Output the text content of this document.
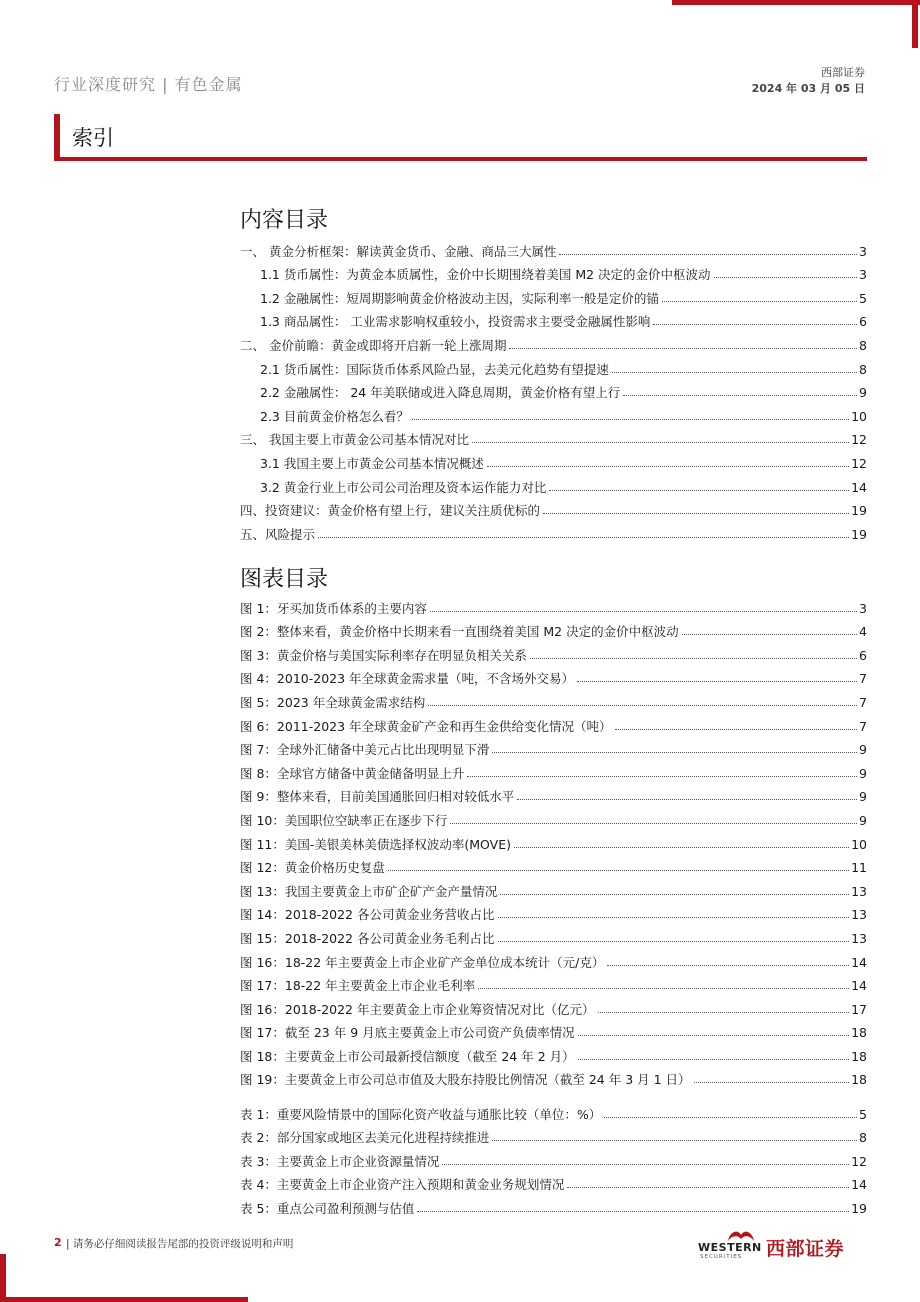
行业深度研究 | 有色金属
西部证券
2024 年 03 月 05 日
索引
内容目录
一、 黄金分析框架：解读黄金货币、金融、商品三大属性	3
1.1 货币属性：为黄金本质属性，金价中长期围绕着美国 M2 决定的金价中枢波动	3
1.2 金融属性：短周期影响黄金价格波动主因，实际利率一般是定价的锚	5
1.3 商品属性： 工业需求影响权重较小，投资需求主要受金融属性影响	6
二、 金价前瞻：黄金或即将开启新一轮上涨周期	8
2.1 货币属性：国际货币体系风险凸显，去美元化趋势有望提速	8
2.2 金融属性： 24 年美联储或进入降息周期，黄金价格有望上行	9
2.3 目前黄金价格怎么看？	10
三、 我国主要上市黄金公司基本情况对比	12
3.1 我国主要上市黄金公司基本情况概述	12
3.2 黄金行业上市公司公司治理及资本运作能力对比	14
四、投资建议：黄金价格有望上行，建议关注质优标的	19
五、风险提示	19
图表目录
图 1：牙买加货币体系的主要内容	3
图 2：整体来看，黄金价格中长期来看一直围绕着美国 M2 决定的金价中枢波动	4
图 3：黄金价格与美国实际利率存在明显负相关关系	6
图 4：2010-2023 年全球黄金需求量（吨，不含场外交易）	7
图 5：2023 年全球黄金需求结构	7
图 6：2011-2023 年全球黄金矿产金和再生金供给变化情况（吨）	7
图 7：全球外汇储备中美元占比出现明显下滑	9
图 8：全球官方储备中黄金储备明显上升	9
图 9：整体来看，目前美国通胀回归相对较低水平	9
图 10：美国职位空缺率正在逐步下行	9
图 11：美国-美银美林美债选择权波动率(MOVE)	10
图 12：黄金价格历史复盘	11
图 13：我国主要黄金上市矿企矿产金产量情况	13
图 14：2018-2022 各公司黄金业务营收占比	13
图 15：2018-2022 各公司黄金业务毛利占比	13
图 16：18-22 年主要黄金上市企业矿产金单位成本统计（元/克）	14
图 17：18-22 年主要黄金上市企业毛利率	14
图 16：2018-2022 年主要黄金上市企业筹资情况对比（亿元）	17
图 17：截至 23 年 9 月底主要黄金上市公司资产负债率情况	18
图 18：主要黄金上市公司最新授信额度（截至 24 年 2 月）	18
图 19：主要黄金上市公司总市值及大股东持股比例情况（截至 24 年 3 月 1 日）	18
表 1：重要风险情景中的国际化资产收益与通胀比较（单位：%）	5
表 2：部分国家或地区去美元化进程持续推进	8
表 3：主要黄金上市企业资源量情况	12
表 4：主要黄金上市企业资产注入预期和黄金业务规划情况	14
表 5：重点公司盈利预测与估值	19
2 | 请务必仔细阅读报告尾部的投资评级说明和声明	WESTERN
SECURITIES 西部证券
